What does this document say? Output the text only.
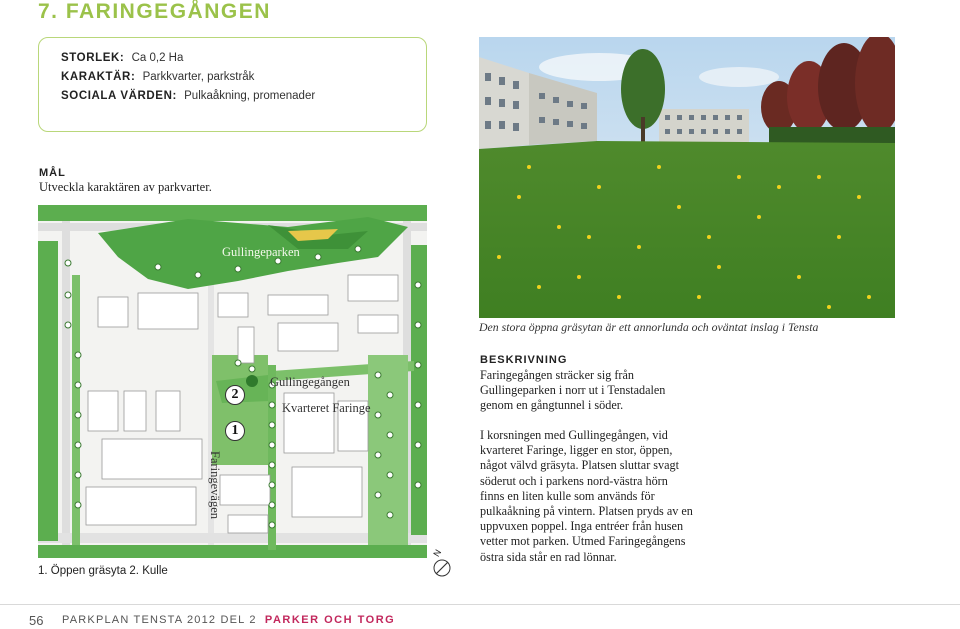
7. FARINGEGÅNGEN
STORLEK: Ca 0,2 Ha
KARAKTÄR: Parkkvarter, parkstråk
SOCIALA VÄRDEN: Pulkaåkning, promenader
MÅL
Utveckla karaktären av parkvarter.
Gullingeparken
Gullingegången
Kvarteret Faringe
Faringevägen
2
1
1. Öppen gräsyta 2. Kulle
N
Den stora öppna gräsytan är ett annorlunda och oväntat inslag i Tensta
BESKRIVNING
Faringegången sträcker sig från Gullingeparken i norr ut i Tenstadalen genom en gångtunnel i söder.
I korsningen med Gullingegången, vid kvarteret Faringe, ligger en stor, öppen, något välvd gräsyta. Platsen sluttar svagt söderut och i parkens nord-västra hörn finns en liten kulle som används för pulkaåkning på vintern. Platsen pryds av en uppvuxen poppel. Inga entréer från husen vetter mot parken. Utmed Faringegångens östra sida står en rad lönnar.
56 PARKPLAN TENSTA 2012 DEL 2 PARKER OCH TORG
